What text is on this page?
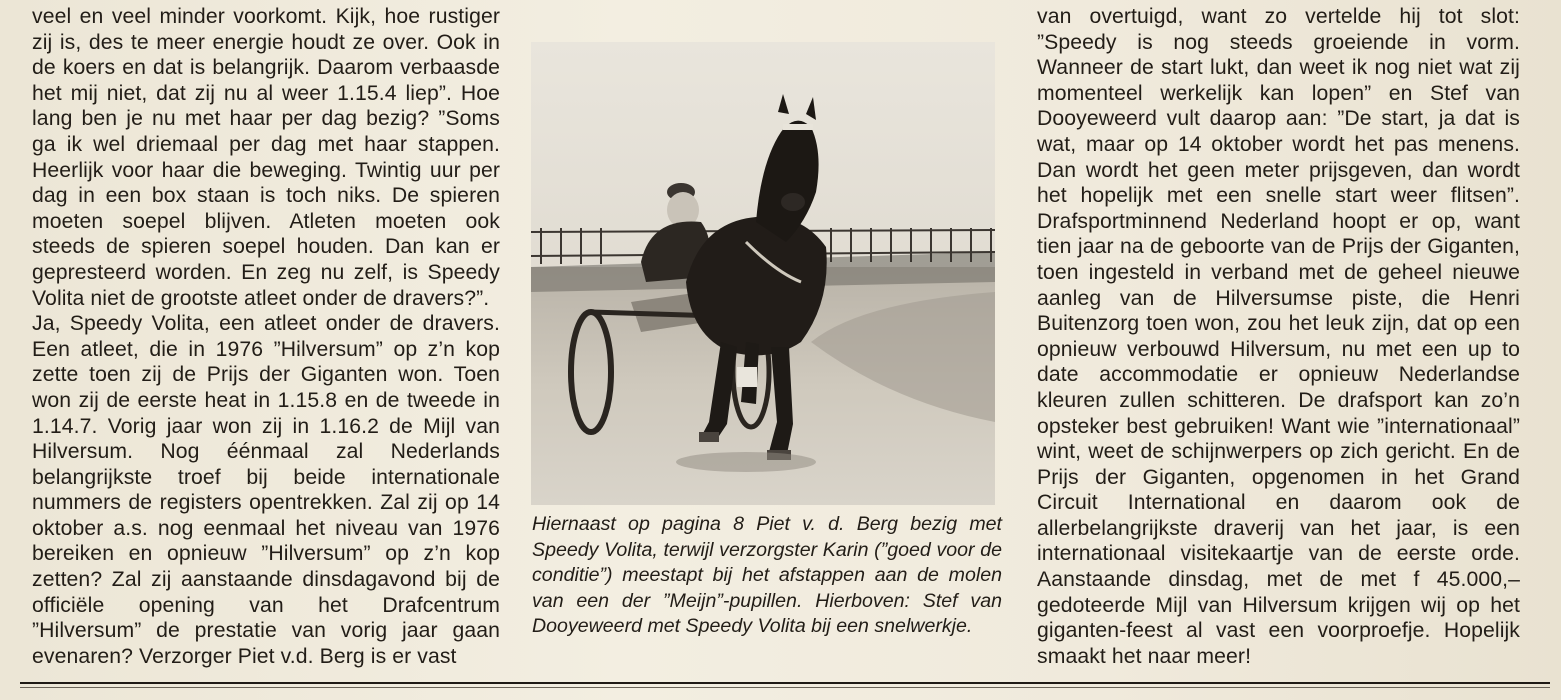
veel en veel minder voorkomt. Kijk, hoe rustiger zij is, des te meer energie houdt ze over. Ook in de koers en dat is belangrijk. Daarom verbaasde het mij niet, dat zij nu al weer 1.15.4 liep”. Hoe lang ben je nu met haar per dag bezig? ”Soms ga ik wel driemaal per dag met haar stappen. Heerlijk voor haar die beweging. Twintig uur per dag in een box staan is toch niks. De spieren moeten soepel blijven. Atleten moeten ook steeds de spieren soepel houden. Dan kan er gepresteerd worden. En zeg nu zelf, is Speedy Volita niet de grootste atleet onder de dravers?”.

Ja, Speedy Volita, een atleet onder de dravers. Een atleet, die in 1976 ”Hilversum” op z’n kop zette toen zij de Prijs der Giganten won. Toen won zij de eerste heat in 1.15.8 en de tweede in 1.14.7. Vorig jaar won zij in 1.16.2 de Mijl van Hilversum. Nog éénmaal zal Nederlands belangrijkste troef bij beide internationale nummers de registers opentrekken. Zal zij op 14 oktober a.s. nog eenmaal het niveau van 1976 bereiken en opnieuw ”Hilversum” op z’n kop zetten? Zal zij aanstaande dinsdagavond bij de officiële opening van het Drafcentrum ”Hilversum” de prestatie van vorig jaar gaan evenaren? Verzorger Piet v.d. Berg is er vast

Hiernaast op pagina 8 Piet v. d. Berg bezig met Speedy Volita, terwijl verzorgster Karin (”goed voor de conditie”) meestapt bij het afstappen aan de molen van een der ”Meijn”-pupillen. Hierboven: Stef van Dooyeweerd met Speedy Volita bij een snelwerkje.

van overtuigd, want zo vertelde hij tot slot: ”Speedy is nog steeds groeiende in vorm. Wanneer de start lukt, dan weet ik nog niet wat zij momenteel werkelijk kan lopen” en Stef van Dooyeweerd vult daarop aan: ”De start, ja dat is wat, maar op 14 oktober wordt het pas menens. Dan wordt het geen meter prijsgeven, dan wordt het hopelijk met een snelle start weer flitsen”. Drafsportminnend Nederland hoopt er op, want tien jaar na de geboorte van de Prijs der Giganten, toen ingesteld in verband met de geheel nieuwe aanleg van de Hilversumse piste, die Henri Buitenzorg toen won, zou het leuk zijn, dat op een opnieuw verbouwd Hilversum, nu met een up to date accommodatie er opnieuw Nederlandse kleuren zullen schitteren. De drafsport kan zo’n opsteker best gebruiken! Want wie ”internationaal” wint, weet de schijnwerpers op zich gericht. En de Prijs der Giganten, opgenomen in het Grand Circuit International en daarom ook de allerbelangrijkste draverij van het jaar, is een internationaal visitekaartje van de eerste orde. Aanstaande dinsdag, met de met f 45.000,– gedoteerde Mijl van Hilversum krijgen wij op het giganten-feest al vast een voorproefje. Hopelijk smaakt het naar meer!
